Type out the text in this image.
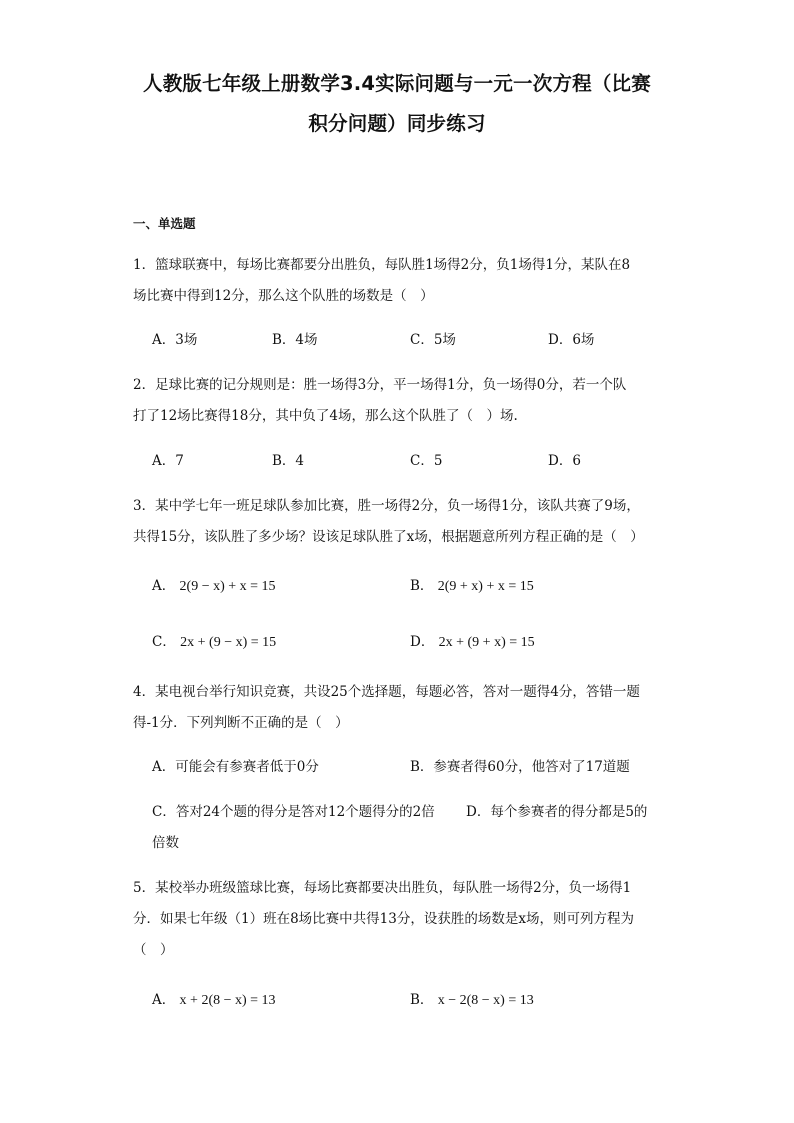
人教版七年级上册数学3.4实际问题与一元一次方程（比赛
积分问题）同步练习
一、单选题
1．篮球联赛中，每场比赛都要分出胜负，每队胜1场得2分，负1场得1分，某队在8
场比赛中得到12分，那么这个队胜的场数是（　）
A．3场	B．4场	C．5场	D．6场
2．足球比赛的记分规则是：胜一场得3分，平一场得1分，负一场得0分，若一个队
打了12场比赛得18分，其中负了4场，那么这个队胜了（　）场.
A．7	B．4	C．5	D．6
3．某中学七年一班足球队参加比赛，胜一场得2分，负一场得1分，该队共赛了9场，
共得15分，该队胜了多少场？设该足球队胜了x场，根据题意所列方程正确的是（　）
A． 2(9 − x) + x = 15	B． 2(9 + x) + x = 15
C． 2x + (9 − x) = 15	D． 2x + (9 + x) = 15
4．某电视台举行知识竞赛，共设25个选择题，每题必答，答对一题得4分，答错一题
得-1分．下列判断不正确的是（　）
A．可能会有参赛者低于0分	B．参赛者得60分，他答对了17道题
C．答对24个题的得分是答对12个题得分的2倍 D．每个参赛者的得分都是5的
倍数
5．某校举办班级篮球比赛，每场比赛都要决出胜负，每队胜一场得2分，负一场得1
分．如果七年级（1）班在8场比赛中共得13分，设获胜的场数是x场，则可列方程为
（　）
A． x + 2(8 − x) = 13	B． x − 2(8 − x) = 13
